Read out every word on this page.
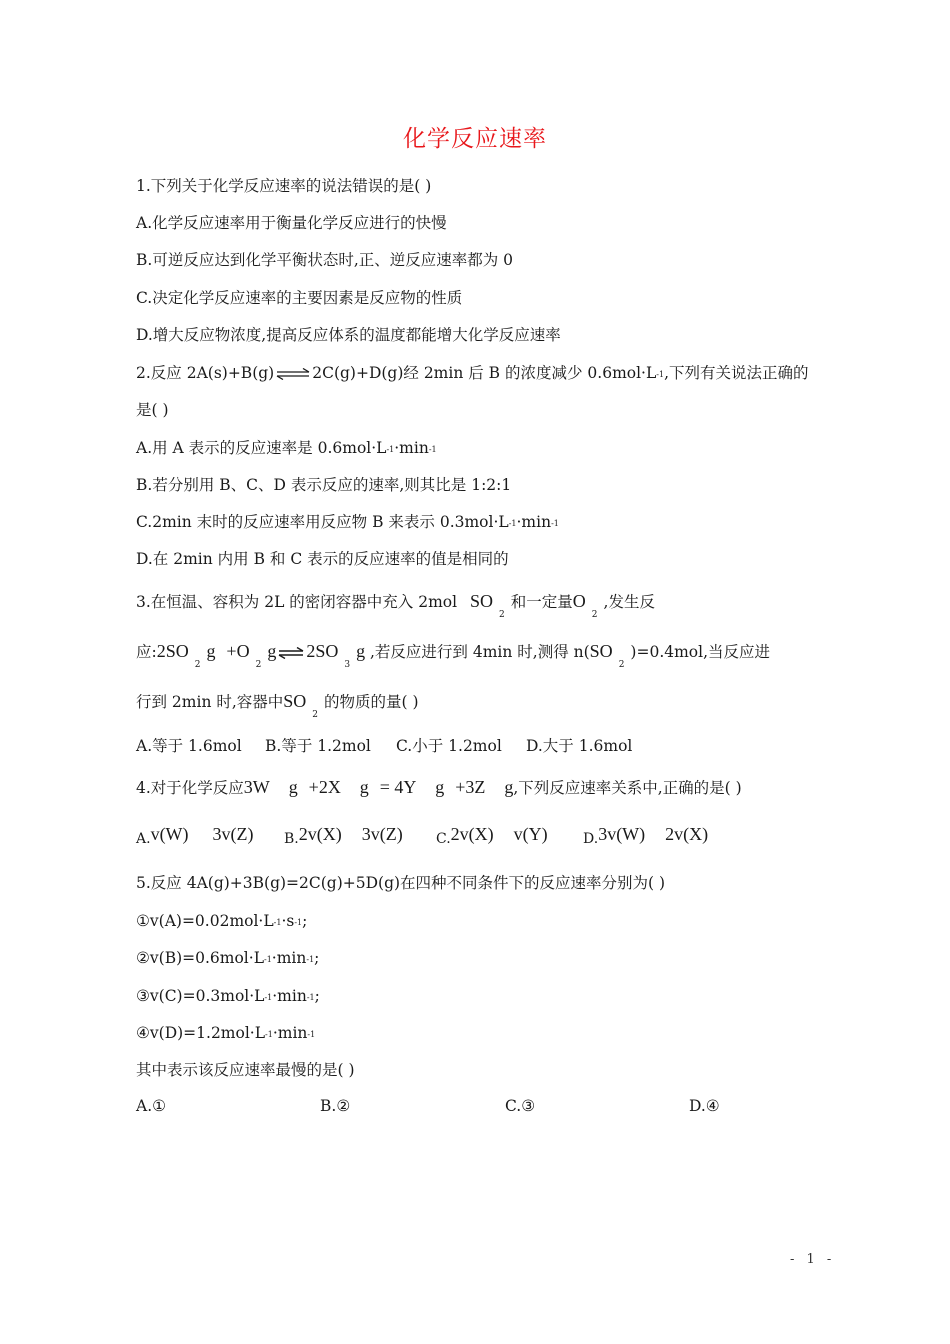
化学反应速率
1.下列关于化学反应速率的说法错误的是( )
A.化学反应速率用于衡量化学反应进行的快慢
B.可逆反应达到化学平衡状态时,正、逆反应速率都为 0
C.决定化学反应速率的主要因素是反应物的性质
D.增大反应物浓度,提高反应体系的温度都能增大化学反应速率
2.反应 2A(s)+B(g) ⇌ 2C(g)+D(g)经 2min 后 B 的浓度减少 0.6mol·L-1,下列有关说法正确的
是( )
A.用 A 表示的反应速率是 0.6mol·L-1·min-1
B.若分别用 B、C、D 表示反应的速率,则其比是 1:2:1
C.2min 末时的反应速率用反应物 B 来表示 0.3mol·L-1·min-1
D.在 2min 内用 B 和 C 表示的反应速率的值是相同的
3.在恒温、容积为 2L 的密闭容器中充入 2mol $SO_2$和一定量$O_2$,发生反
应$:2SO_2g +O_2g$ ⇌ $2SO_3g$ ,若反应进行到 4min 时,测得 $n(SO_2)=0.4mol$,当反应进
行到 2min 时,容器中$SO_2$的物质的量( )
A.等于 1.6mol B.等于 1.2mol C.小于 1.2mol D.大于 1.6mol
4.对于化学反应3W g +2X g = 4Y g +3Z g,下列反应速率关系中,正确的是( )
A.v(W) 3v(Z) B.2v(X) 3v(Z) C.2v(X) v(Y)	D.3v(W) 2v(X)
5.反应 4A(g)+3B(g)=2C(g)+5D(g)在四种不同条件下的反应速率分别为( )
①v(A)=0.02mol·L-1·s-1;
②v(B)=0.6mol·L-1·min-1;
③v(C)=0.3mol·L-1·min-1;
④v(D)=1.2mol·L-1·min-1
其中表示该反应速率最慢的是( )
A.①	B.②	C.③	D.④
- 1 -
